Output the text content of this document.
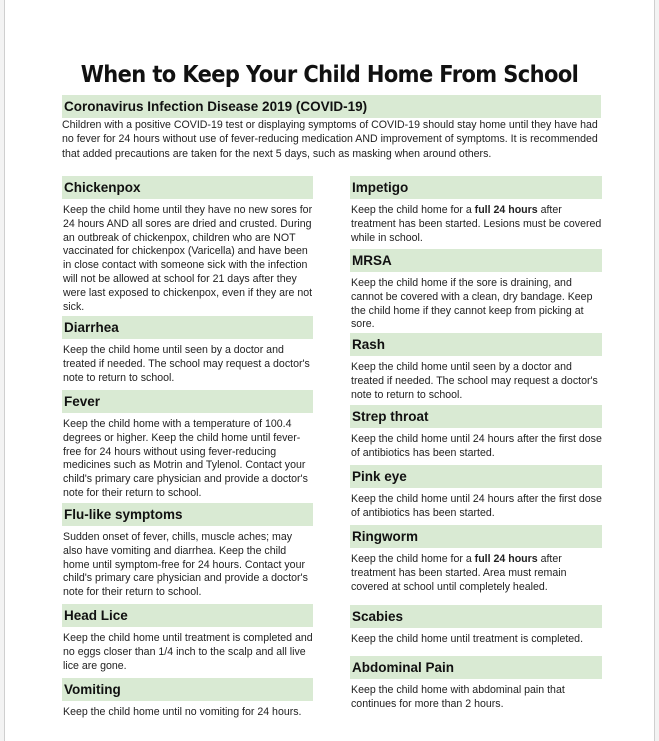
When to Keep Your Child Home From School
Coronavirus Infection Disease 2019 (COVID-19)
Children with a positive COVID-19 test or displaying symptoms of COVID-19 should stay home until they have had no fever for 24 hours without use of fever-reducing medication AND improvement of symptoms. It is recommended that added precautions are taken for the next 5 days, such as masking when around others.
Chickenpox
Keep the child home until they have no new sores for 24 hours AND all sores are dried and crusted. During an outbreak of chickenpox, children who are NOT vaccinated for chickenpox (Varicella) and have been in close contact with someone sick with the infection will not be allowed at school for 21 days after they were last exposed to chickenpox, even if they are not sick.
Diarrhea
Keep the child home until seen by a doctor and treated if needed. The school may request a doctor's note to return to school.
Fever
Keep the child home with a temperature of 100.4 degrees or higher. Keep the child home until fever-free for 24 hours without using fever-reducing medicines such as Motrin and Tylenol. Contact your child's primary care physician and provide a doctor's note for their return to school.
Flu-like symptoms
Sudden onset of fever, chills, muscle aches; may also have vomiting and diarrhea. Keep the child home until symptom-free for 24 hours. Contact your child's primary care physician and provide a doctor's note for their return to school.
Head Lice
Keep the child home until treatment is completed and no eggs closer than 1/4 inch to the scalp and all live lice are gone.
Vomiting
Keep the child home until no vomiting for 24 hours.
Impetigo
Keep the child home for a full 24 hours after treatment has been started. Lesions must be covered while in school.
MRSA
Keep the child home if the sore is draining, and cannot be covered with a clean, dry bandage. Keep the child home if they cannot keep from picking at sore.
Rash
Keep the child home until seen by a doctor and treated if needed. The school may request a doctor's note to return to school.
Strep throat
Keep the child home until 24 hours after the first dose of antibiotics has been started.
Pink eye
Keep the child home until 24 hours after the first dose of antibiotics has been started.
Ringworm
Keep the child home for a full 24 hours after treatment has been started. Area must remain covered at school until completely healed.
Scabies
Keep the child home until treatment is completed.
Abdominal Pain
Keep the child home with abdominal pain that continues for more than 2 hours.
